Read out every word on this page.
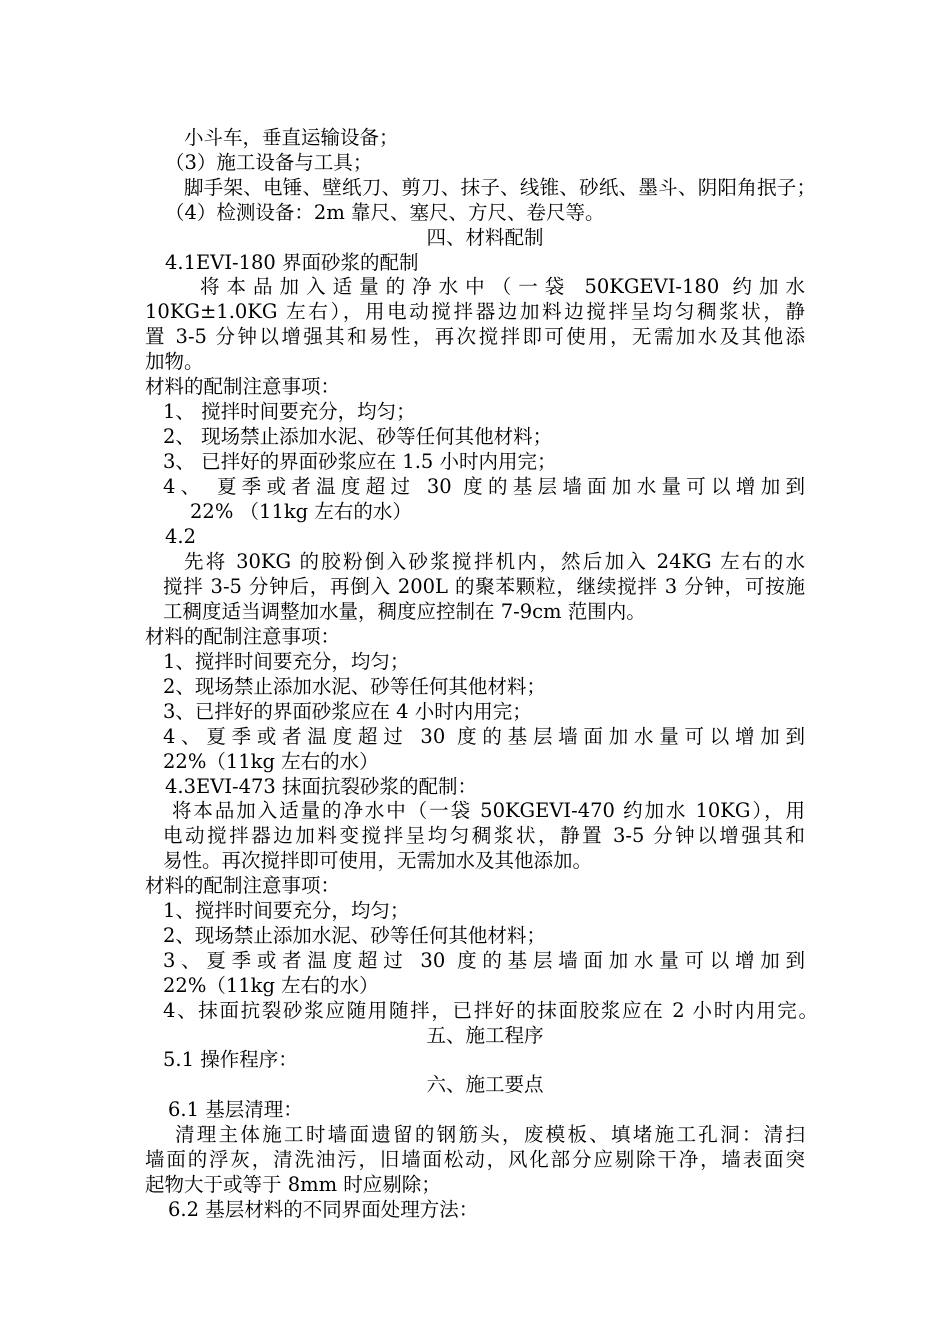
小斗车，垂直运输设备；
（3）施工设备与工具；
脚手架、电锤、壁纸刀、剪刀、抹子、线锥、砂纸、墨斗、阴阳角抿子；
（4）检测设备：2m 靠尺、塞尺、方尺、卷尺等。
四、材料配制
4.1EVI-180 界面砂浆的配制
将本品加入适量的净水中（一袋 50KGEVI-180 约加水
10KG±1.0KG 左右），用电动搅拌器边加料边搅拌呈均匀稠浆状，静
置 3-5 分钟以增强其和易性，再次搅拌即可使用，无需加水及其他添
加物。
材料的配制注意事项：
1、 搅拌时间要充分，均匀；
2、 现场禁止添加水泥、砂等任何其他材料；
3、 已拌好的界面砂浆应在 1.5 小时内用完；
4、 夏季或者温度超过 30 度的基层墙面加水量可以增加到
22% （11kg 左右的水）
4.2
先将 30KG 的胶粉倒入砂浆搅拌机内，然后加入 24KG 左右的水
搅拌 3-5 分钟后，再倒入 200L 的聚苯颗粒，继续搅拌 3 分钟，可按施
工稠度适当调整加水量，稠度应控制在 7-9cm 范围内。
材料的配制注意事项：
1、搅拌时间要充分，均匀；
2、现场禁止添加水泥、砂等任何其他材料；
3、已拌好的界面砂浆应在 4 小时内用完；
4、夏季或者温度超过 30 度的基层墙面加水量可以增加到
22%（11kg 左右的水）
4.3EVI-473 抹面抗裂砂浆的配制：
将本品加入适量的净水中（一袋 50KGEVI-470 约加水 10KG），用
电动搅拌器边加料变搅拌呈均匀稠浆状，静置 3-5 分钟以增强其和
易性。再次搅拌即可使用，无需加水及其他添加。
材料的配制注意事项：
1、搅拌时间要充分，均匀；
2、现场禁止添加水泥、砂等任何其他材料；
3、夏季或者温度超过 30 度的基层墙面加水量可以增加到
22%（11kg 左右的水）
4、抹面抗裂砂浆应随用随拌，已拌好的抹面胶浆应在 2 小时内用完。
五、施工程序
5.1 操作程序：
六、施工要点
6.1 基层清理：
清理主体施工时墙面遗留的钢筋头，废模板、填堵施工孔洞：清扫
墙面的浮灰，清洗油污，旧墙面松动，风化部分应剔除干净，墙表面突
起物大于或等于 8mm 时应剔除；
6.2 基层材料的不同界面处理方法：
